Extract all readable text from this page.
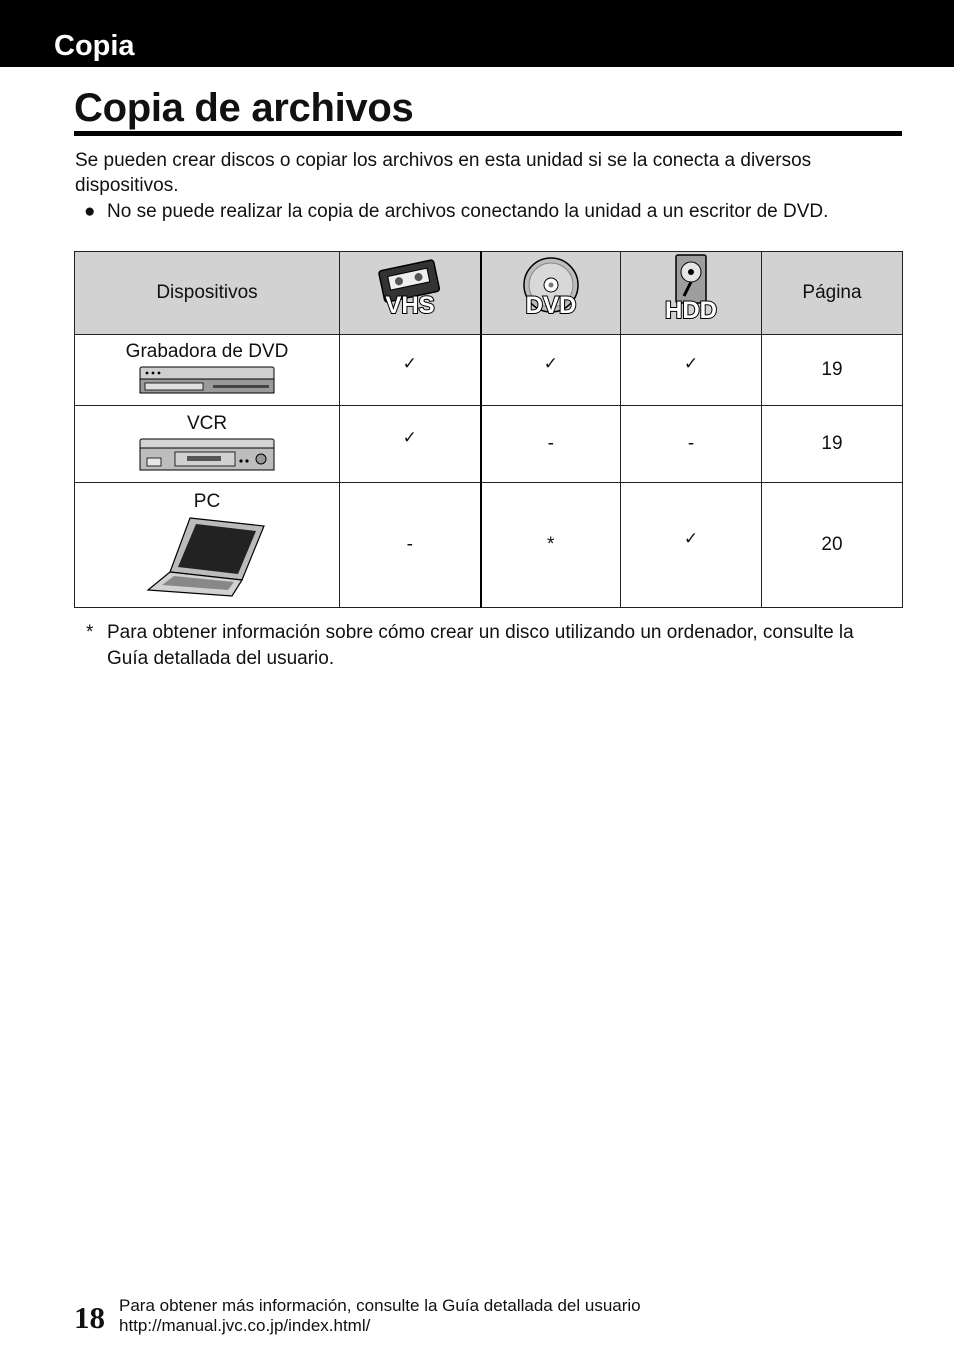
Copia
Copia de archivos

Se pueden crear discos o copiar los archivos en esta unidad si se la conecta a diversos dispositivos.

● No se puede realizar la copia de archivos conectando la unidad a un escritor de DVD.
Dispositivos	VHS	DVD	HDD	Página

Grabadora de DVD	✓	✓	✓	19

VCR	✓	-	-	19

PC	-	*	✓	20
* Para obtener información sobre cómo crear un disco utilizando un ordenador, consulte la Guía detallada del usuario.
18 Para obtener más información, consulte la Guía detallada del usuario
http://manual.jvc.co.jp/index.html/
